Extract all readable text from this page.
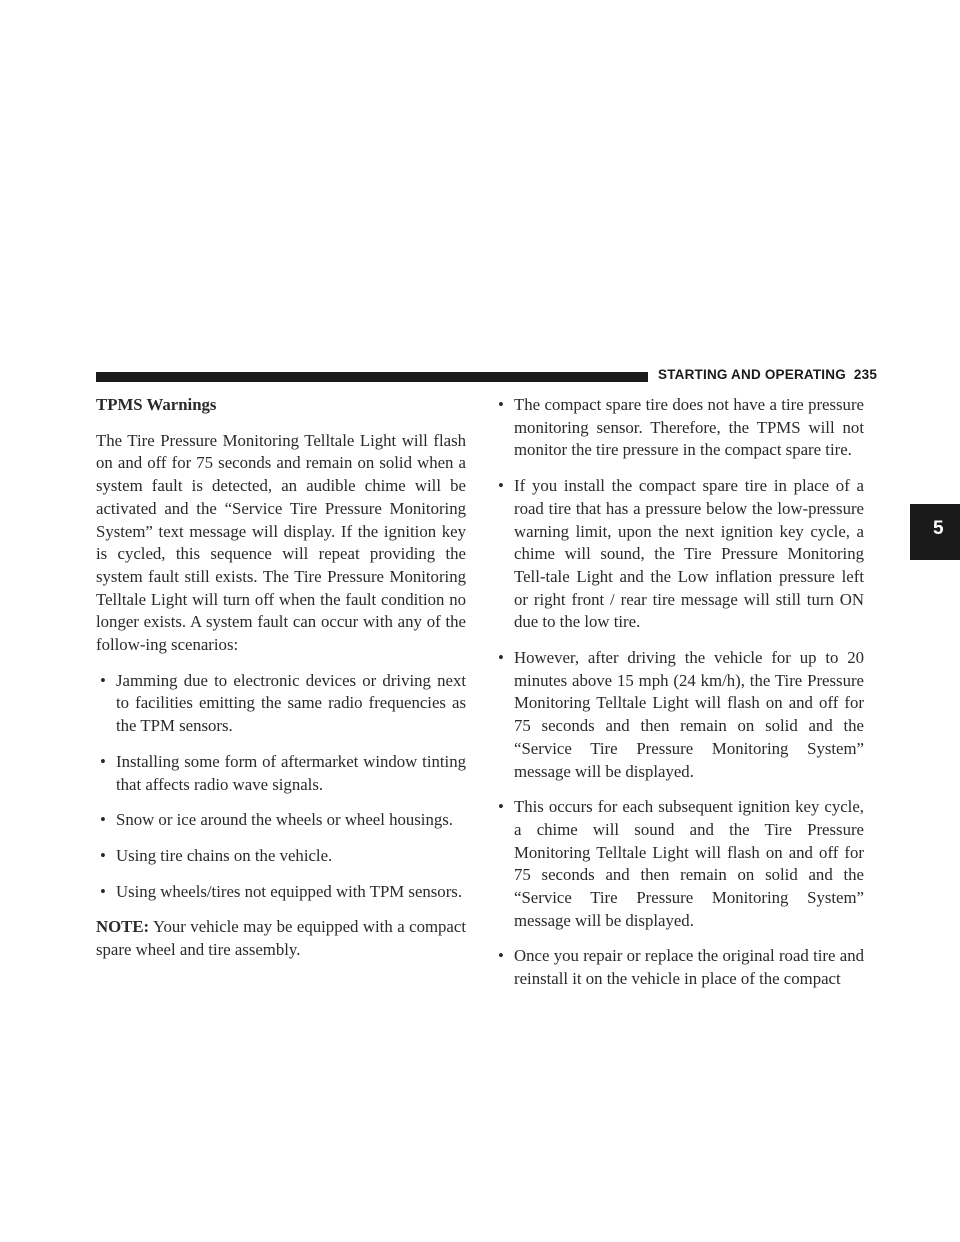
STARTING AND OPERATING 235
5
TPMS Warnings

The Tire Pressure Monitoring Telltale Light will flash on and off for 75 seconds and remain on solid when a system fault is detected, an audible chime will be activated and the “Service Tire Pressure Monitoring System” text message will display. If the ignition key is cycled, this sequence will repeat providing the system fault still exists. The Tire Pressure Monitoring Telltale Light will turn off when the fault condition no longer exists. A system fault can occur with any of the follow-ing scenarios:

• Jamming due to electronic devices or driving next to facilities emitting the same radio frequencies as the TPM sensors.
• Installing some form of aftermarket window tinting that affects radio wave signals.
• Snow or ice around the wheels or wheel housings.
• Using tire chains on the vehicle.
• Using wheels/tires not equipped with TPM sensors.

NOTE: Your vehicle may be equipped with a compact spare wheel and tire assembly.

• The compact spare tire does not have a tire pressure monitoring sensor. Therefore, the TPMS will not monitor the tire pressure in the compact spare tire.
• If you install the compact spare tire in place of a road tire that has a pressure below the low-pressure warning limit, upon the next ignition key cycle, a chime will sound, the Tire Pressure Monitoring Tell-tale Light and the Low inflation pressure left or right front / rear tire message will still turn ON due to the low tire.
• However, after driving the vehicle for up to 20 minutes above 15 mph (24 km/h), the Tire Pressure Monitoring Telltale Light will flash on and off for 75 seconds and then remain on solid and the “Service Tire Pressure Monitoring System” message will be displayed.
• This occurs for each subsequent ignition key cycle, a chime will sound and the Tire Pressure Monitoring Telltale Light will flash on and off for 75 seconds and then remain on solid and the “Service Tire Pressure Monitoring System” message will be displayed.
• Once you repair or replace the original road tire and reinstall it on the vehicle in place of the compact
